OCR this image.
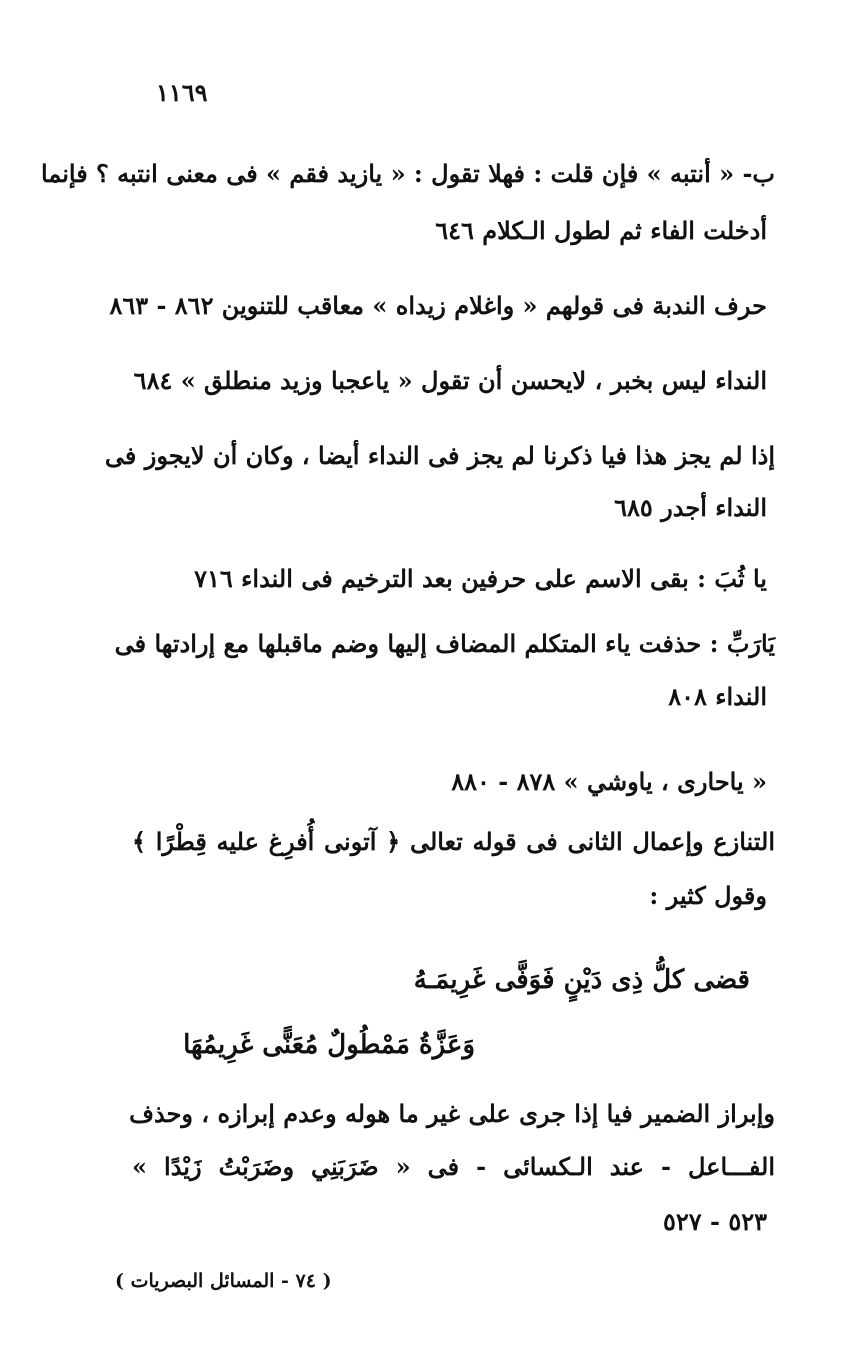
١١٦٩
ب- « أنتبه » فإن قلت : فهلا تقول : « يازيد فقم » فى معنى انتبه ؟ فإنما
أدخلت الفاء ثم لطول الـكلام ٦٤٦
حرف الندبة فى قولهم « واغلام زيداه » معاقب للتنوين ٨٦٢ - ٨٦٣
النداء ليس بخبر ، لايحسن أن تقول « ياعجبا وزيد منطلق » ٦٨٤
إذا لم يجز هذا فيا ذكرنا لم يجز فى النداء أيضا ، وكان أن لايجوز فى
النداء أجدر ٦٨٥
يا ثُبَ : بقى الاسم على حرفين بعد الترخيم فى النداء ٧١٦
يَارَبِّ : حذفت ياء المتكلم المضاف إليها وضم ماقبلها مع إرادتها فى
النداء ٨٠٨
« ياحارى ، ياوشي » ٨٧٨ - ٨٨٠
التنازع وإعمال الثانى فى قوله تعالى ﴿ آتونى أُفرِغ عليه قِطْرًا ﴾
وقول كثير :
قضى كلُّ ذِى دَيْنٍ فَوَفَّى غَرِيمَـهُ
وَعَزَّةُ مَمْطُولٌ مُعَنًّى غَرِيمُهَا
وإبراز الضمير فيا إذا جرى على غير ما هوله وعدم إبرازه ، وحذف
الفـــاعل - عند الـكسائى - فى « ضَرَبَنِي وضَرَبْتُ زَيْدًا »
٥٢٣ - ٥٢٧
( ٧٤ - المسائل البصريات )
